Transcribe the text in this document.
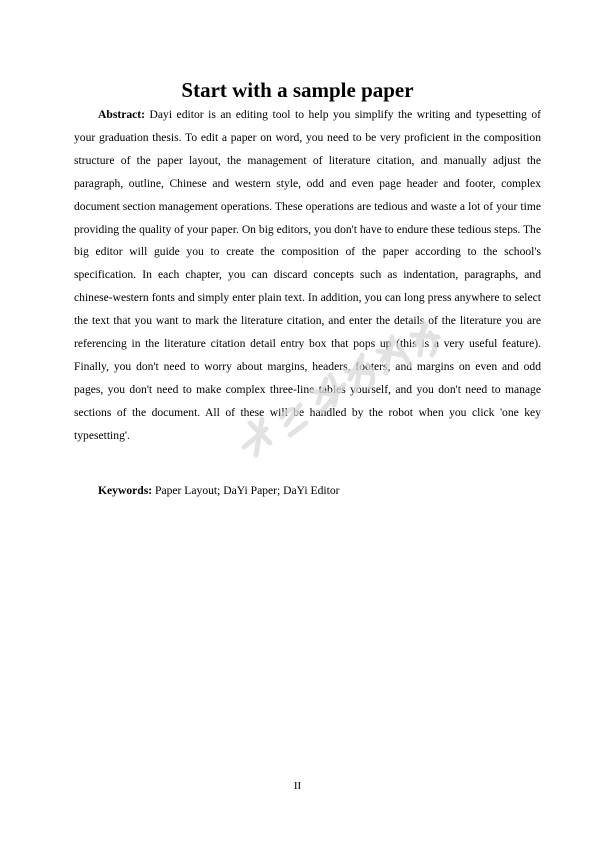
Start with a sample paper

Abstract: Dayi editor is an editing tool to help you simplify the writing and typesetting of your graduation thesis. To edit a paper on word, you need to be very proficient in the composition structure of the paper layout, the management of literature citation, and manually adjust the paragraph, outline, Chinese and western style, odd and even page header and footer, complex document section management operations. These operations are tedious and waste a lot of your time providing the quality of your paper. On big editors, you don't have to endure these tedious steps. The big editor will guide you to create the composition of the paper according to the school's specification. In each chapter, you can discard concepts such as indentation, paragraphs, and chinese-western fonts and simply enter plain text. In addition, you can long press anywhere to select the text that you want to mark the literature citation, and enter the details of the literature you are referencing in the literature citation detail entry box that pops up (this is a very useful feature). Finally, you don't need to worry about margins, headers, footers, and margins on even and odd pages, you don't need to make complex three-line tables yourself, and you don't need to manage sections of the document. All of these will be handled by the robot when you click 'one key typesetting'.

Keywords: Paper Layout; DaYi Paper; DaYi Editor

II
